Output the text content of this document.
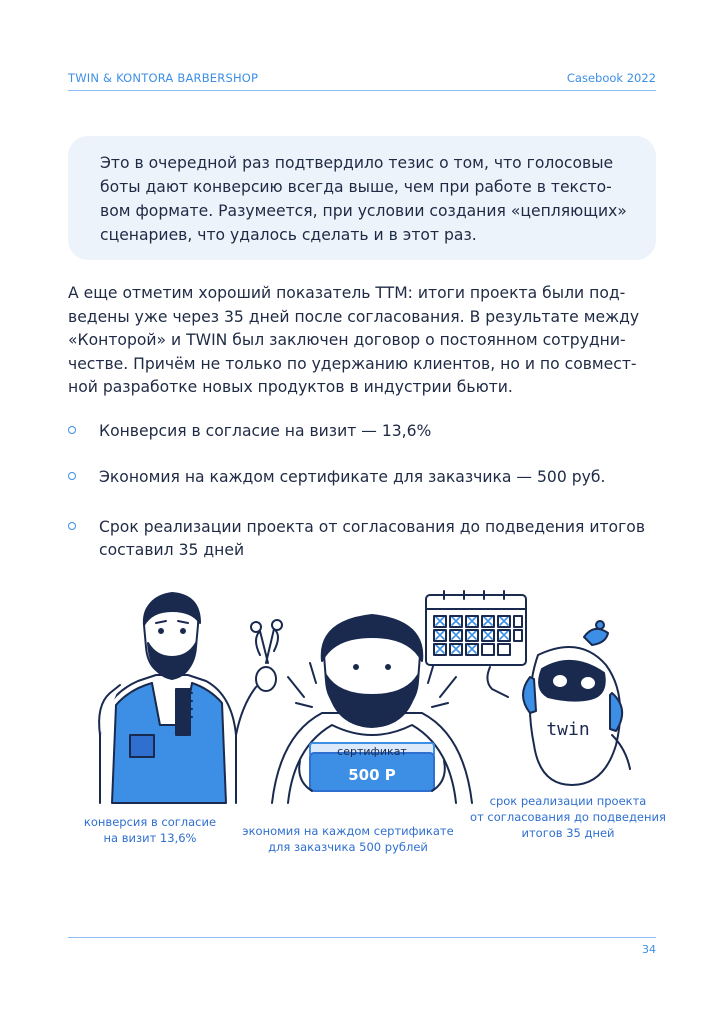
TWIN & KONTORA BARBERSHOP	Casebook 2022

Это в очередной раз подтвердило тезис о том, что голосовые
боты дают конверсию всегда выше, чем при работе в тексто-
вом формате. Разумеется, при условии создания «цепляющих»
сценариев, что удалось сделать и в этот раз.

А еще отметим хороший показатель TTM: итоги проекта были под-
ведены уже через 35 дней после согласования. В результате между
«Конторой» и TWIN был заключен договор о постоянном сотрудни-
честве. Причём не только по удержанию клиентов, но и по совмест-
ной разработке новых продуктов в индустрии бьюти.

Конверсия в согласие на визит — 13,6%
Экономия на каждом сертификате для заказчика — 500 руб.
Срок реализации проекта от согласования до подведения итогов
составил 35 дней
сертификат
500 Р
twin
конверсия в согласие
на визит 13,6%	экономия на каждом сертификате
для заказчика 500 рублей
срок реализации проекта
от согласования до подведения
итогов 35 дней
34
